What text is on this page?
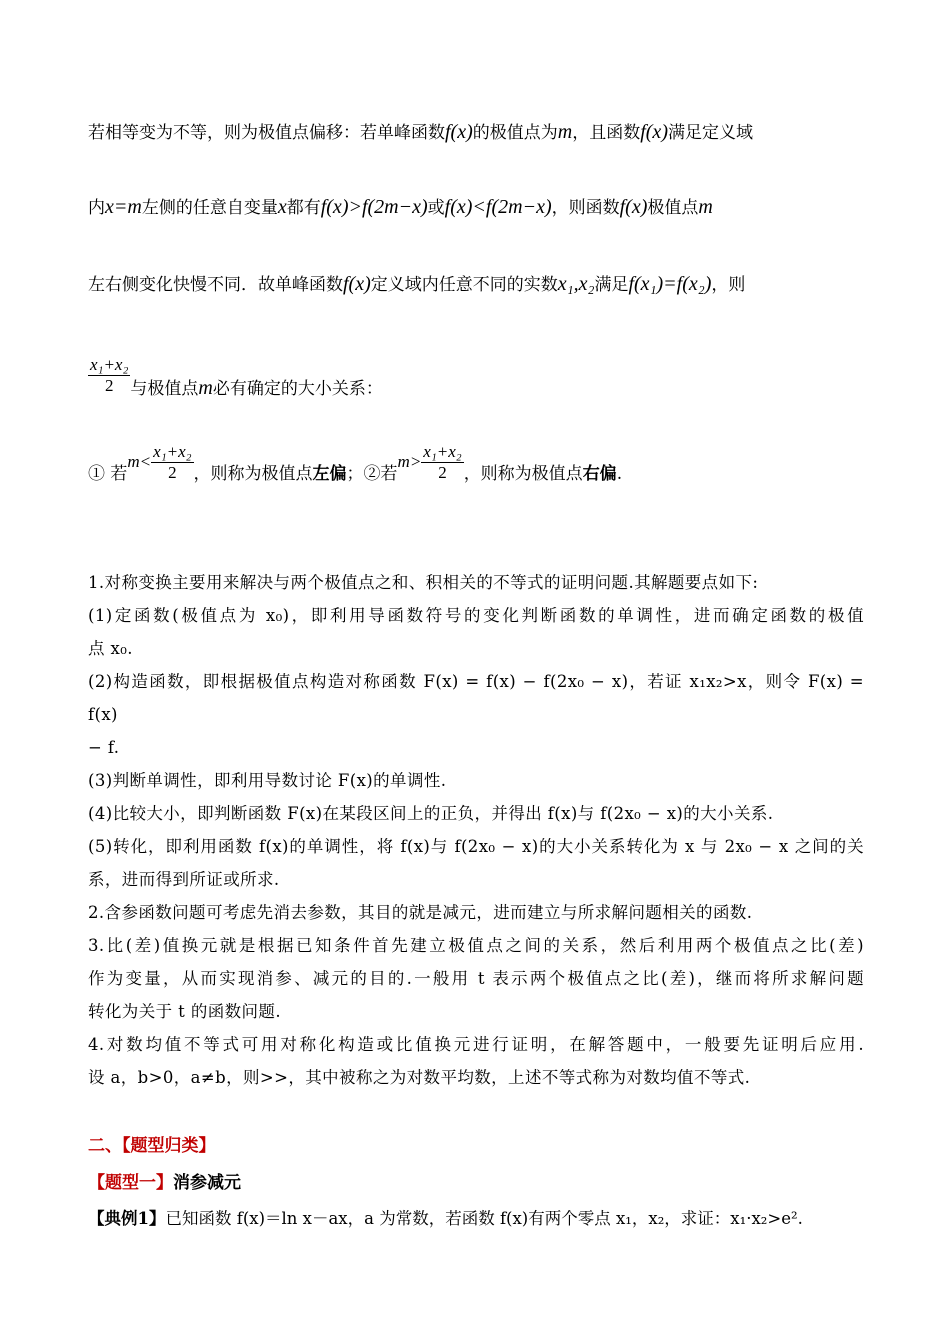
若相等变为不等，则为极值点偏移：若单峰函数f(x)的极值点为m，且函数f(x)满足定义域
内x=m左侧的任意自变量x都有f(x)>f(2m−x)或f(x)<f(2m−x)，则函数f(x)极值点m
左右侧变化快慢不同．故单峰函数f(x)定义域内任意不同的实数x₁,x₂满足f(x₁)=f(x₂)，则
$\frac{\text{x₁+x₂}}{2}$ 与极值点m必有确定的大小关系：
① 若$m< \frac{\text{x₁+x₂}}{2}$ ，则称为极值点左偏；②若$m> \frac{\text{x₁+x₂}}{2}$ ，则称为极值点右偏.
1.对称变换主要用来解决与两个极值点之和、积相关的不等式的证明问题.其解题要点如下:
(1)定函数(极值点为 x₀)，即利用导函数符号的变化判断函数的单调性，进而确定函数的极值
点 x₀.
(2)构造函数，即根据极值点构造对称函数 F(x) = f(x) − f(2x₀ − x)，若证 x₁x₂>x，则令 F(x) = f(x)
− f.
(3)判断单调性，即利用导数讨论 F(x)的单调性.
(4)比较大小，即判断函数 F(x)在某段区间上的正负，并得出 f(x)与 f(2x₀ − x)的大小关系.
(5)转化，即利用函数 f(x)的单调性，将 f(x)与 f(2x₀ − x)的大小关系转化为 x 与 2x₀ − x 之间的关
系，进而得到所证或所求.
2.含参函数问题可考虑先消去参数，其目的就是减元，进而建立与所求解问题相关的函数.
3.比(差)值换元就是根据已知条件首先建立极值点之间的关系，然后利用两个极值点之比(差)
作为变量，从而实现消参、减元的目的.一般用 t 表示两个极值点之比(差)，继而将所求解问题
转化为关于 t 的函数问题.
4.对数均值不等式可用对称化构造或比值换元进行证明，在解答题中，一般要先证明后应用.
设 a，b>0，a≠b，则>>，其中被称之为对数平均数，上述不等式称为对数均值不等式.
二、【题型归类】
【题型一】消参减元
【典例1】已知函数 f(x)＝ln x－ax，a 为常数，若函数 f(x)有两个零点 x₁，x₂，求证：x₁·x₂>e².
